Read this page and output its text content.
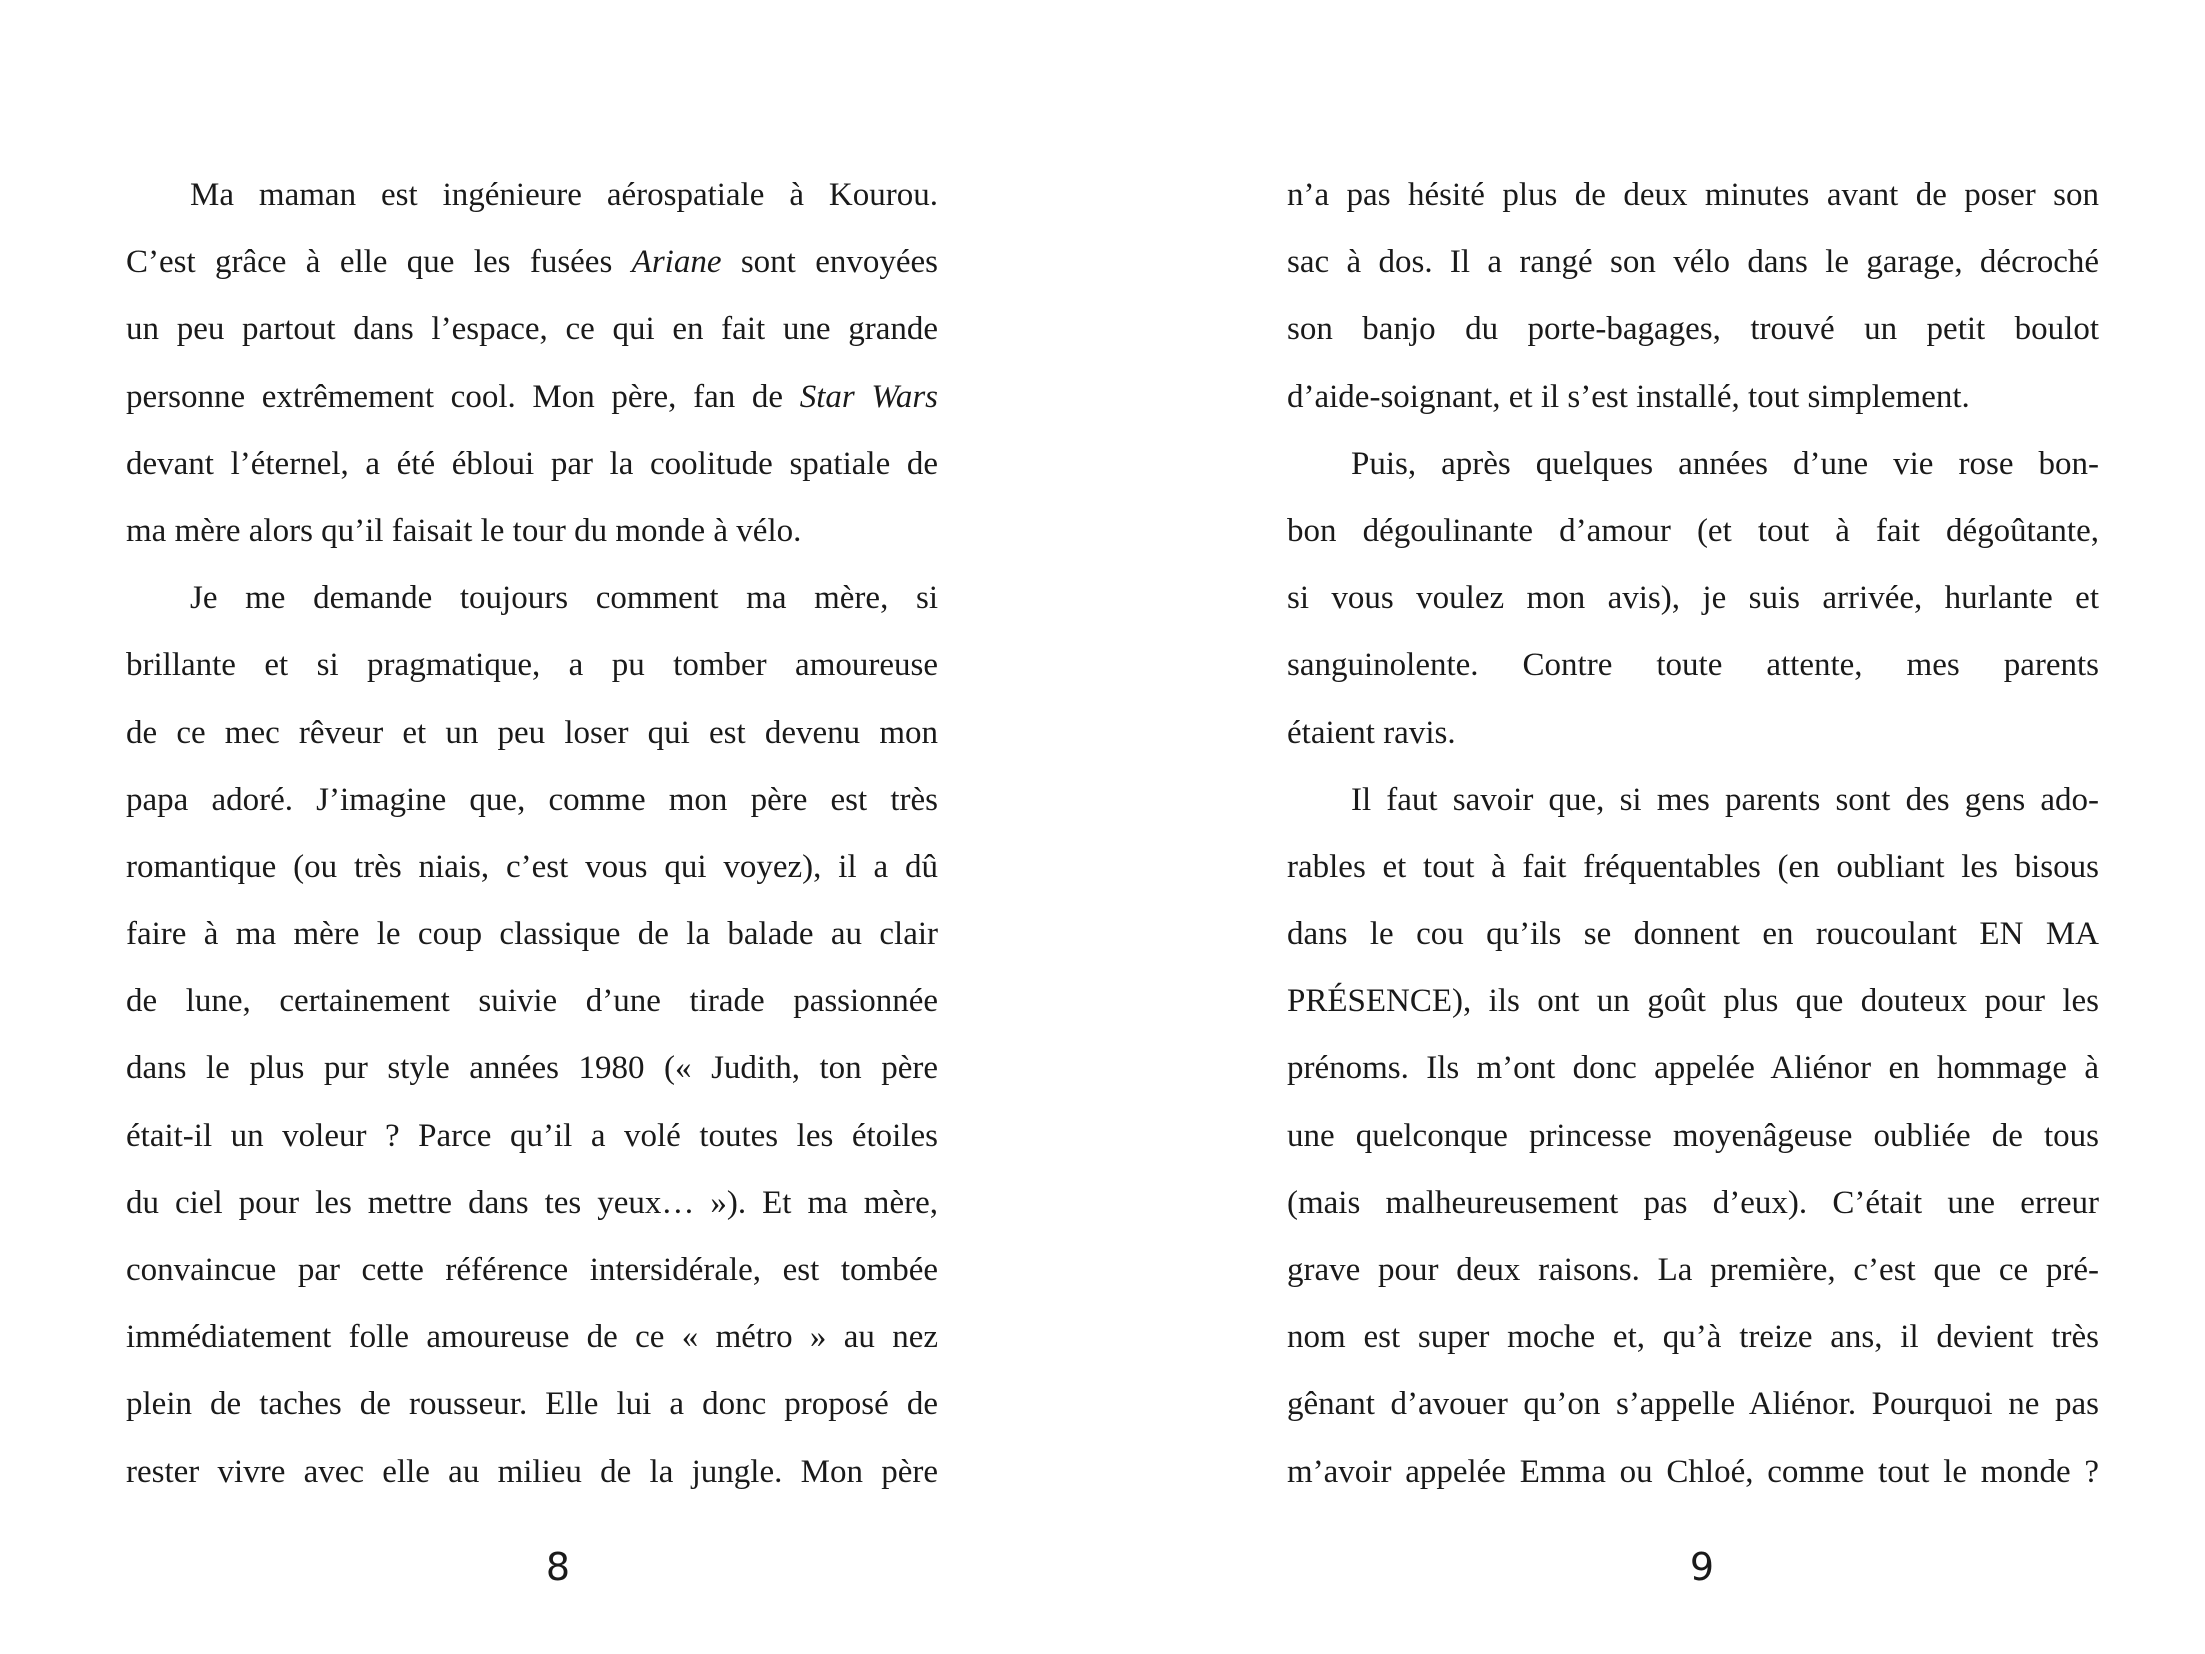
Ma maman est ingénieure aérospatiale à Kourou.
C’est grâce à elle que les fusées Ariane sont envoyées
un peu partout dans l’espace, ce qui en fait une grande
personne extrêmement cool. Mon père, fan de Star Wars
devant l’éternel, a été ébloui par la coolitude spatiale de
ma mère alors qu’il faisait le tour du monde à vélo.
Je me demande toujours comment ma mère, si
brillante et si pragmatique, a pu tomber amoureuse
de ce mec rêveur et un peu loser qui est devenu mon
papa adoré. J’imagine que, comme mon père est très
romantique (ou très niais, c’est vous qui voyez), il a dû
faire à ma mère le coup classique de la balade au clair
de lune, certainement suivie d’une tirade passionnée
dans le plus pur style années 1980 (« Judith, ton père
était-il un voleur ? Parce qu’il a volé toutes les étoiles
du ciel pour les mettre dans tes yeux… »). Et ma mère,
convaincue par cette référence intersidérale, est tombée
immédiatement folle amoureuse de ce « métro » au nez
plein de taches de rousseur. Elle lui a donc proposé de
rester vivre avec elle au milieu de la jungle. Mon père
8
n’a pas hésité plus de deux minutes avant de poser son
sac à dos. Il a rangé son vélo dans le garage, décroché
son banjo du porte-bagages, trouvé un petit boulot
d’aide-soignant, et il s’est installé, tout simplement.
Puis, après quelques années d’une vie rose bon-
bon dégoulinante d’amour (et tout à fait dégoûtante,
si vous voulez mon avis), je suis arrivée, hurlante et
sanguinolente. Contre toute attente, mes parents
étaient ravis.
Il faut savoir que, si mes parents sont des gens ado-
rables et tout à fait fréquentables (en oubliant les bisous
dans le cou qu’ils se donnent en roucoulant EN MA
PRÉSENCE), ils ont un goût plus que douteux pour les
prénoms. Ils m’ont donc appelée Aliénor en hommage à
une quelconque princesse moyenâgeuse oubliée de tous
(mais malheureusement pas d’eux). C’était une erreur
grave pour deux raisons. La première, c’est que ce pré-
nom est super moche et, qu’à treize ans, il devient très
gênant d’avouer qu’on s’appelle Aliénor. Pourquoi ne pas
m’avoir appelée Emma ou Chloé, comme tout le monde ?
9
